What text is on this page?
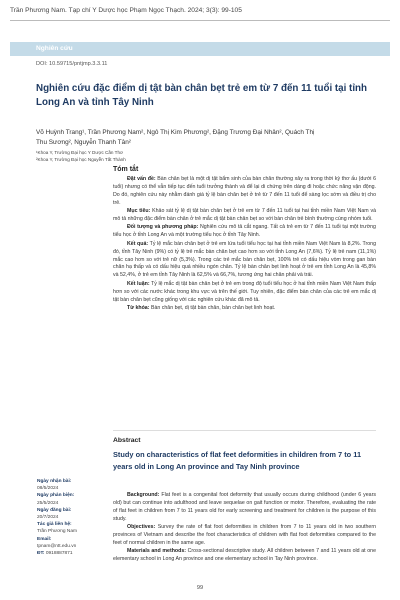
Trần Phương Nam. Tạp chí Y Dược học Phạm Ngọc Thạch. 2024; 3(3): 99-105
Nghiên cứu
DOI: 10.59715/pntjmp.3.3.11
Nghiên cứu đặc điểm dị tật bàn chân bẹt trẻ em từ 7 đến 11 tuổi tại tỉnh Long An và tỉnh Tây Ninh
Võ Huỳnh Trang¹, Trần Phương Nam², Ngô Thị Kim Phương², Đặng Trương Đại Nhân², Quách Thị
Thu Sương², Nguyễn Thanh Tân²
¹Khoa Y, Trường Đại học Y Dược Cần Thơ
²Khoa Y, Trường Đại học Nguyễn Tất Thành
Tóm tắt

Đặt vấn đề: Bàn chân bẹt là một dị tật bẩm sinh của bàn chân thường xảy ra trong thời kỳ thơ ấu (dưới 6 tuổi) nhưng có thể vẫn tiếp tục đến tuổi trưởng thành và để lại di chứng trên dáng đi hoặc chức năng vận động. Do đó, nghiên cứu này nhằm đánh giá tỷ lệ bàn chân bẹt ở trẻ từ 7 đến 11 tuổi để sàng lọc sớm và điều trị cho trẻ.

Mục tiêu: Khảo sát tỷ lệ dị tật bàn chân bẹt ở trẻ em từ 7 đến 11 tuổi tại hai tỉnh miền Nam Việt Nam và mô tả những đặc điểm bàn chân ở trẻ mắc dị tật bàn chân bẹt so với bàn chân trẻ bình thường cùng nhóm tuổi.

Đối tượng và phương pháp: Nghiên cứu mô tả cắt ngang. Tất cả trẻ em từ 7 đến 11 tuổi tại một trường tiểu học ở tỉnh Long An và một trường tiểu học ở tỉnh Tây Ninh.

Kết quả: Tỷ lệ mắc bàn chân bẹt ở trẻ em lứa tuổi tiểu học tại hai tỉnh miền Nam Việt Nam là 8,2%. Trong đó, tỉnh Tây Ninh (9%) có tỷ lệ trẻ mắc bàn chân bẹt cao hơn so với tỉnh Long An (7,6%). Tỷ lệ trẻ nam (11,1%) mắc cao hơn so với trẻ nữ (5,3%). Trong các trẻ mắc bàn chân bẹt, 100% trẻ có dấu hiệu vòm trong gan bàn chân hạ thấp và có dấu hiệu quá nhiều ngón chân. Tỷ lệ bàn chân bẹt linh hoạt ở trẻ em tỉnh Long An là 45,8% và 52,4%, ở trẻ em tỉnh Tây Ninh là 62,5% và 66,7%, tương ứng hai chân phải và trái.

Kết luận: Tỷ lệ mắc dị tật bàn chân bẹt ở trẻ em trong độ tuổi tiểu học ở hai tỉnh miền Nam Việt Nam thấp hơn so với các nước khác trong khu vực và trên thế giới. Tuy nhiên, đặc điểm bàn chân của các trẻ em mắc dị tật bàn chân bẹt cũng giống với các nghiên cứu khác đã mô tả.

Từ khóa: Bàn chân bẹt, dị tật bàn chân, bàn chân bẹt linh hoạt.

Abstract
Study on characteristics of flat feet deformities in children from 7 to 11 years old in Long An province and Tay Ninh province

Background: Flat feet is a congenital foot deformity that usually occurs during childhood (under 6 years old) but can continue into adulthood and leave sequelae on gait function or motor. Therefore, evaluating the rate of flat feet in children from 7 to 11 years old for early screening and treatment for children is the purpose of this study.

Objectives: Survey the rate of flat foot deformities in children from 7 to 11 years old in two southern provinces of Vietnam and describe the foot characteristics of children with flat foot deformities compared to the feet of normal children in the same age.

Materials and methods: Cross-sectional descriptive study. All children between 7 and 11 years old at one elementary school in Long An province and one elementary school in Tay Ninh province.

Ngày nhận bài:
08/5/2024
Ngày phản biện:
25/5/2024
Ngày đăng bài:
20/7/2024
Tác giả liên hệ:
Trần Phương Nam
Email:
tpnam@ntt.edu.vn
ĐT: 0918887871
99
